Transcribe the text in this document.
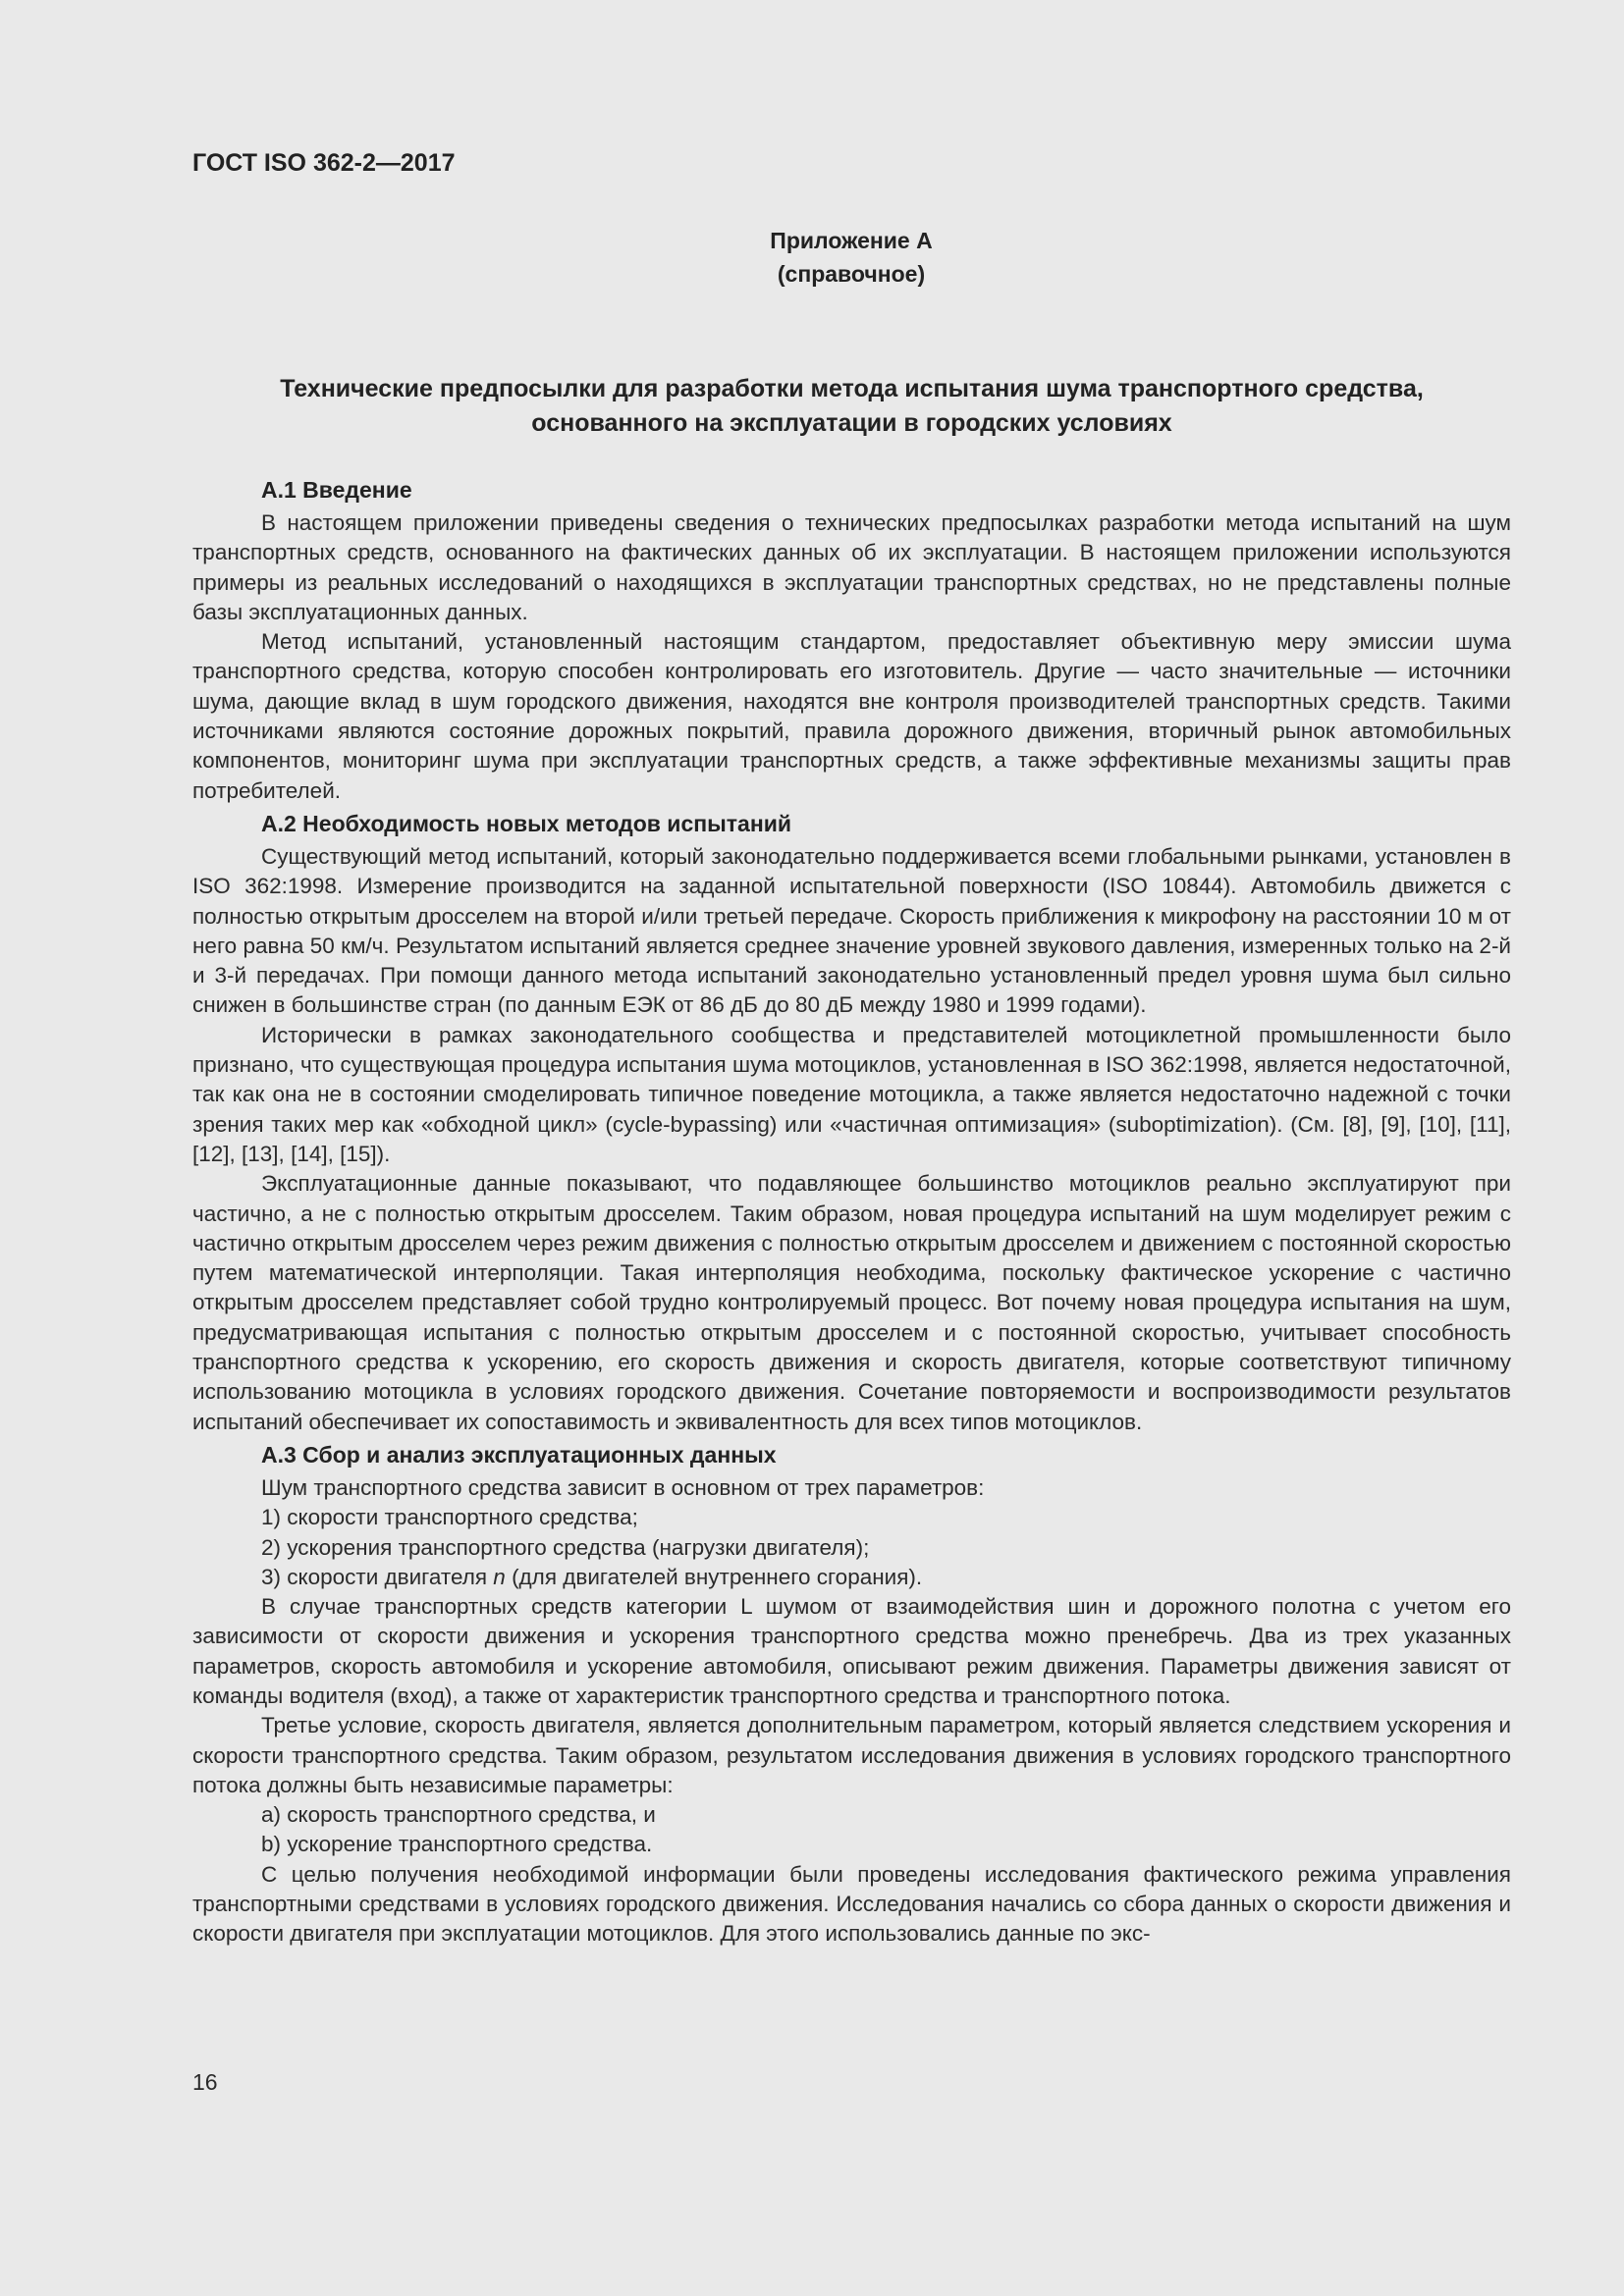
ГОСТ ISO 362-2—2017
Приложение А
(справочное)
Технические предпосылки для разработки метода испытания шума транспортного средства,
основанного на эксплуатации в городских условиях
А.1 Введение

В настоящем приложении приведены сведения о технических предпосылках разработки метода испытаний на шум транспортных средств, основанного на фактических данных об их эксплуатации. В настоящем приложении используются примеры из реальных исследований о находящихся в эксплуатации транспортных средствах, но не представлены полные базы эксплуатационных данных.

Метод испытаний, установленный настоящим стандартом, предоставляет объективную меру эмиссии шума транспортного средства, которую способен контролировать его изготовитель. Другие — часто значительные — источники шума, дающие вклад в шум городского движения, находятся вне контроля производителей транспортных средств. Такими источниками являются состояние дорожных покрытий, правила дорожного движения, вторичный рынок автомобильных компонентов, мониторинг шума при эксплуатации транспортных средств, а также эффективные механизмы защиты прав потребителей.

А.2 Необходимость новых методов испытаний

Существующий метод испытаний, который законодательно поддерживается всеми глобальными рынками, установлен в ISO 362:1998. Измерение производится на заданной испытательной поверхности (ISO 10844). Автомобиль движется с полностью открытым дросселем на второй и/или третьей передаче. Скорость приближения к микрофону на расстоянии 10 м от него равна 50 км/ч. Результатом испытаний является среднее значение уровней звукового давления, измеренных только на 2-й и 3-й передачах. При помощи данного метода испытаний законодательно установленный предел уровня шума был сильно снижен в большинстве стран (по данным ЕЭК от 86 дБ до 80 дБ между 1980 и 1999 годами).

Исторически в рамках законодательного сообщества и представителей мотоциклетной промышленности было признано, что существующая процедура испытания шума мотоциклов, установленная в ISO 362:1998, является недостаточной, так как она не в состоянии смоделировать типичное поведение мотоцикла, а также является недостаточно надежной с точки зрения таких мер как «обходной цикл» (cycle-bypassing) или «частичная оптимизация» (suboptimization). (См. [8], [9], [10], [11], [12], [13], [14], [15]).

Эксплуатационные данные показывают, что подавляющее большинство мотоциклов реально эксплуатируют при частично, а не с полностью открытым дросселем. Таким образом, новая процедура испытаний на шум моделирует режим с частично открытым дросселем через режим движения с полностью открытым дросселем и движением с постоянной скоростью путем математической интерполяции. Такая интерполяция необходима, поскольку фактическое ускорение с частично открытым дросселем представляет собой трудно контролируемый процесс. Вот почему новая процедура испытания на шум, предусматривающая испытания с полностью открытым дросселем и с постоянной скоростью, учитывает способность транспортного средства к ускорению, его скорость движения и скорость двигателя, которые соответствуют типичному использованию мотоцикла в условиях городского движения. Сочетание повторяемости и воспроизводимости результатов испытаний обеспечивает их сопоставимость и эквивалентность для всех типов мотоциклов.

А.3 Сбор и анализ эксплуатационных данных

Шум транспортного средства зависит в основном от трех параметров:

1) скорости транспортного средства;

2) ускорения транспортного средства (нагрузки двигателя);

3) скорости двигателя n (для двигателей внутреннего сгорания).

В случае транспортных средств категории L шумом от взаимодействия шин и дорожного полотна с учетом его зависимости от скорости движения и ускорения транспортного средства можно пренебречь. Два из трех указанных параметров, скорость автомобиля и ускорение автомобиля, описывают режим движения. Параметры движения зависят от команды водителя (вход), а также от характеристик транспортного средства и транспортного потока.

Третье условие, скорость двигателя, является дополнительным параметром, который является следствием ускорения и скорости транспортного средства. Таким образом, результатом исследования движения в условиях городского транспортного потока должны быть независимые параметры:

a) скорость транспортного средства, и

b) ускорение транспортного средства.

С целью получения необходимой информации были проведены исследования фактического режима управления транспортными средствами в условиях городского движения. Исследования начались со сбора данных о скорости движения и скорости двигателя при эксплуатации мотоциклов. Для этого использовались данные по экс-

16
